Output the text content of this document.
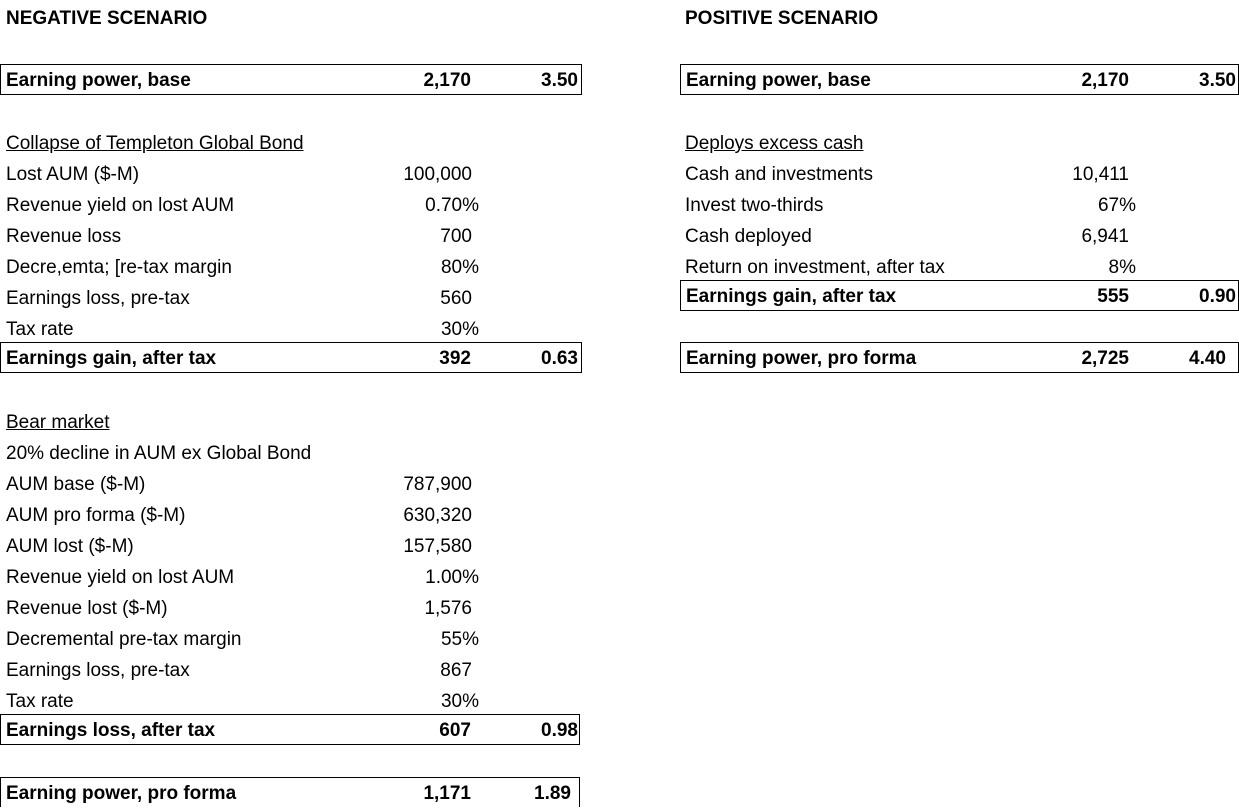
NEGATIVE SCENARIO
Earning power, base	2,170	3.50
Collapse of Templeton Global Bond
Lost AUM ($-M)	100,000
Revenue yield on lost AUM	0.70%
Revenue loss	700
Decre,emta; [re-tax margin	80%
Earnings loss, pre-tax	560
Tax rate	30%
Earnings gain, after tax	392	0.63
Bear market
20% decline in AUM ex Global Bond
AUM base ($-M)	787,900
AUM pro forma ($-M)	630,320
AUM lost ($-M)	157,580
Revenue yield on lost AUM	1.00%
Revenue lost ($-M)	1,576
Decremental pre-tax margin	55%
Earnings loss, pre-tax	867
Tax rate	30%
Earnings loss, after tax	607	0.98
Earning power, pro forma	1,171	1.89
POSITIVE SCENARIO
Earning power, base	2,170	3.50
Deploys excess cash
Cash and investments	10,411
Invest two-thirds	67%
Cash deployed	6,941
Return on investment, after tax	8%
Earnings gain, after tax	555	0.90
Earning power, pro forma	2,725	4.40
